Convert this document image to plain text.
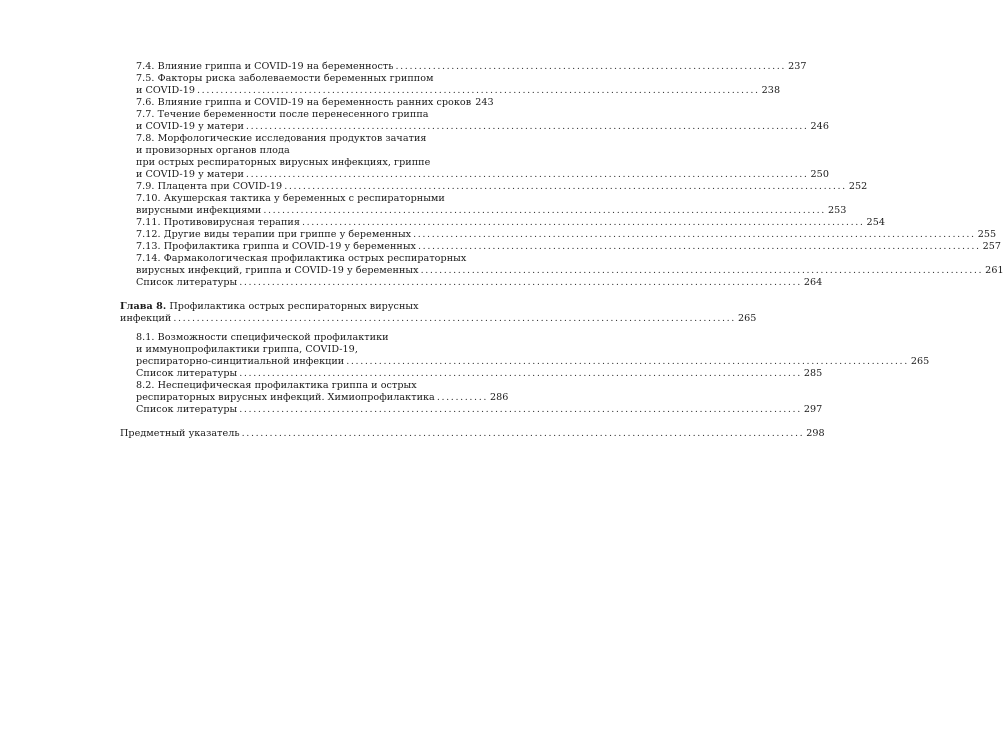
7.4. Влияние гриппа и COVID-19 на беременность .................................................................................... 237
7.5. Факторы риска заболеваемости беременных гриппом
и COVID-19 ......................................................................................................................... 238
7.6. Влияние гриппа и COVID-19 на беременность ранних сроков 243
7.7. Течение беременности после перенесенного гриппа
и COVID-19 у матери ......................................................................................................................... 246
7.8. Морфологические исследования продуктов зачатия
и провизорных органов плода
при острых респираторных вирусных инфекциях, гриппе
и COVID-19 у матери ......................................................................................................................... 250
7.9. Плацента при COVID-19 ......................................................................................................................... 252
7.10. Акушерская тактика у беременных с респираторными
вирусными инфекциями ......................................................................................................................... 253
7.11. Противовирусная терапия ......................................................................................................................... 254
7.12. Другие виды терапии при гриппе у беременных ......................................................................................................................... 255
7.13. Профилактика гриппа и COVID-19 у беременных ......................................................................................................................... 257
7.14. Фармакологическая профилактика острых респираторных
вирусных инфекций, гриппа и COVID-19 у беременных ......................................................................................................................... 261
Список литературы ......................................................................................................................... 264
Глава 8. Профилактика острых респираторных вирусных
инфекций ......................................................................................................................... 265
8.1. Возможности специфической профилактики
и иммунопрофилактики гриппа, COVID-19,
респираторно-синцитиальной инфекции ......................................................................................................................... 265
Список литературы ......................................................................................................................... 285
8.2. Неспецифическая профилактика гриппа и острых
респираторных вирусных инфекций. Химиопрофилактика ........... 286
Список литературы ......................................................................................................................... 297
Предметный указатель ......................................................................................................................... 298
